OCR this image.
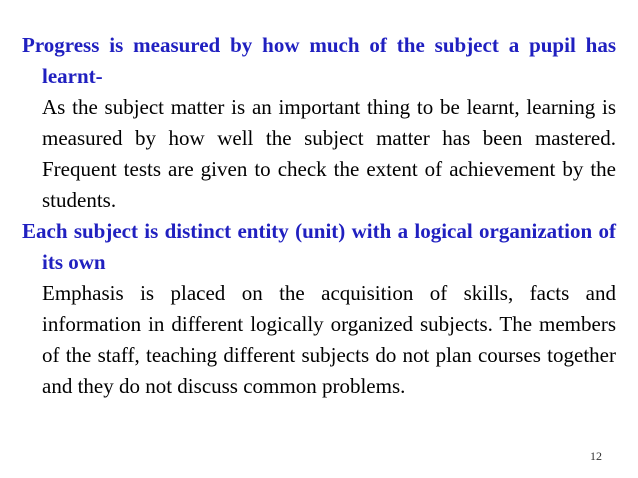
Progress is measured by how much of the subject a pupil has learnt-

As the subject matter is an important thing to be learnt, learning is measured by how well the subject matter has been mastered. Frequent tests are given to check the extent of achievement by the students.

Each subject is distinct entity (unit) with a logical organization of its own

Emphasis is placed on the acquisition of skills, facts and information in different logically organized subjects. The members of the staff, teaching different subjects do not plan courses together and they do not discuss common problems.

12
